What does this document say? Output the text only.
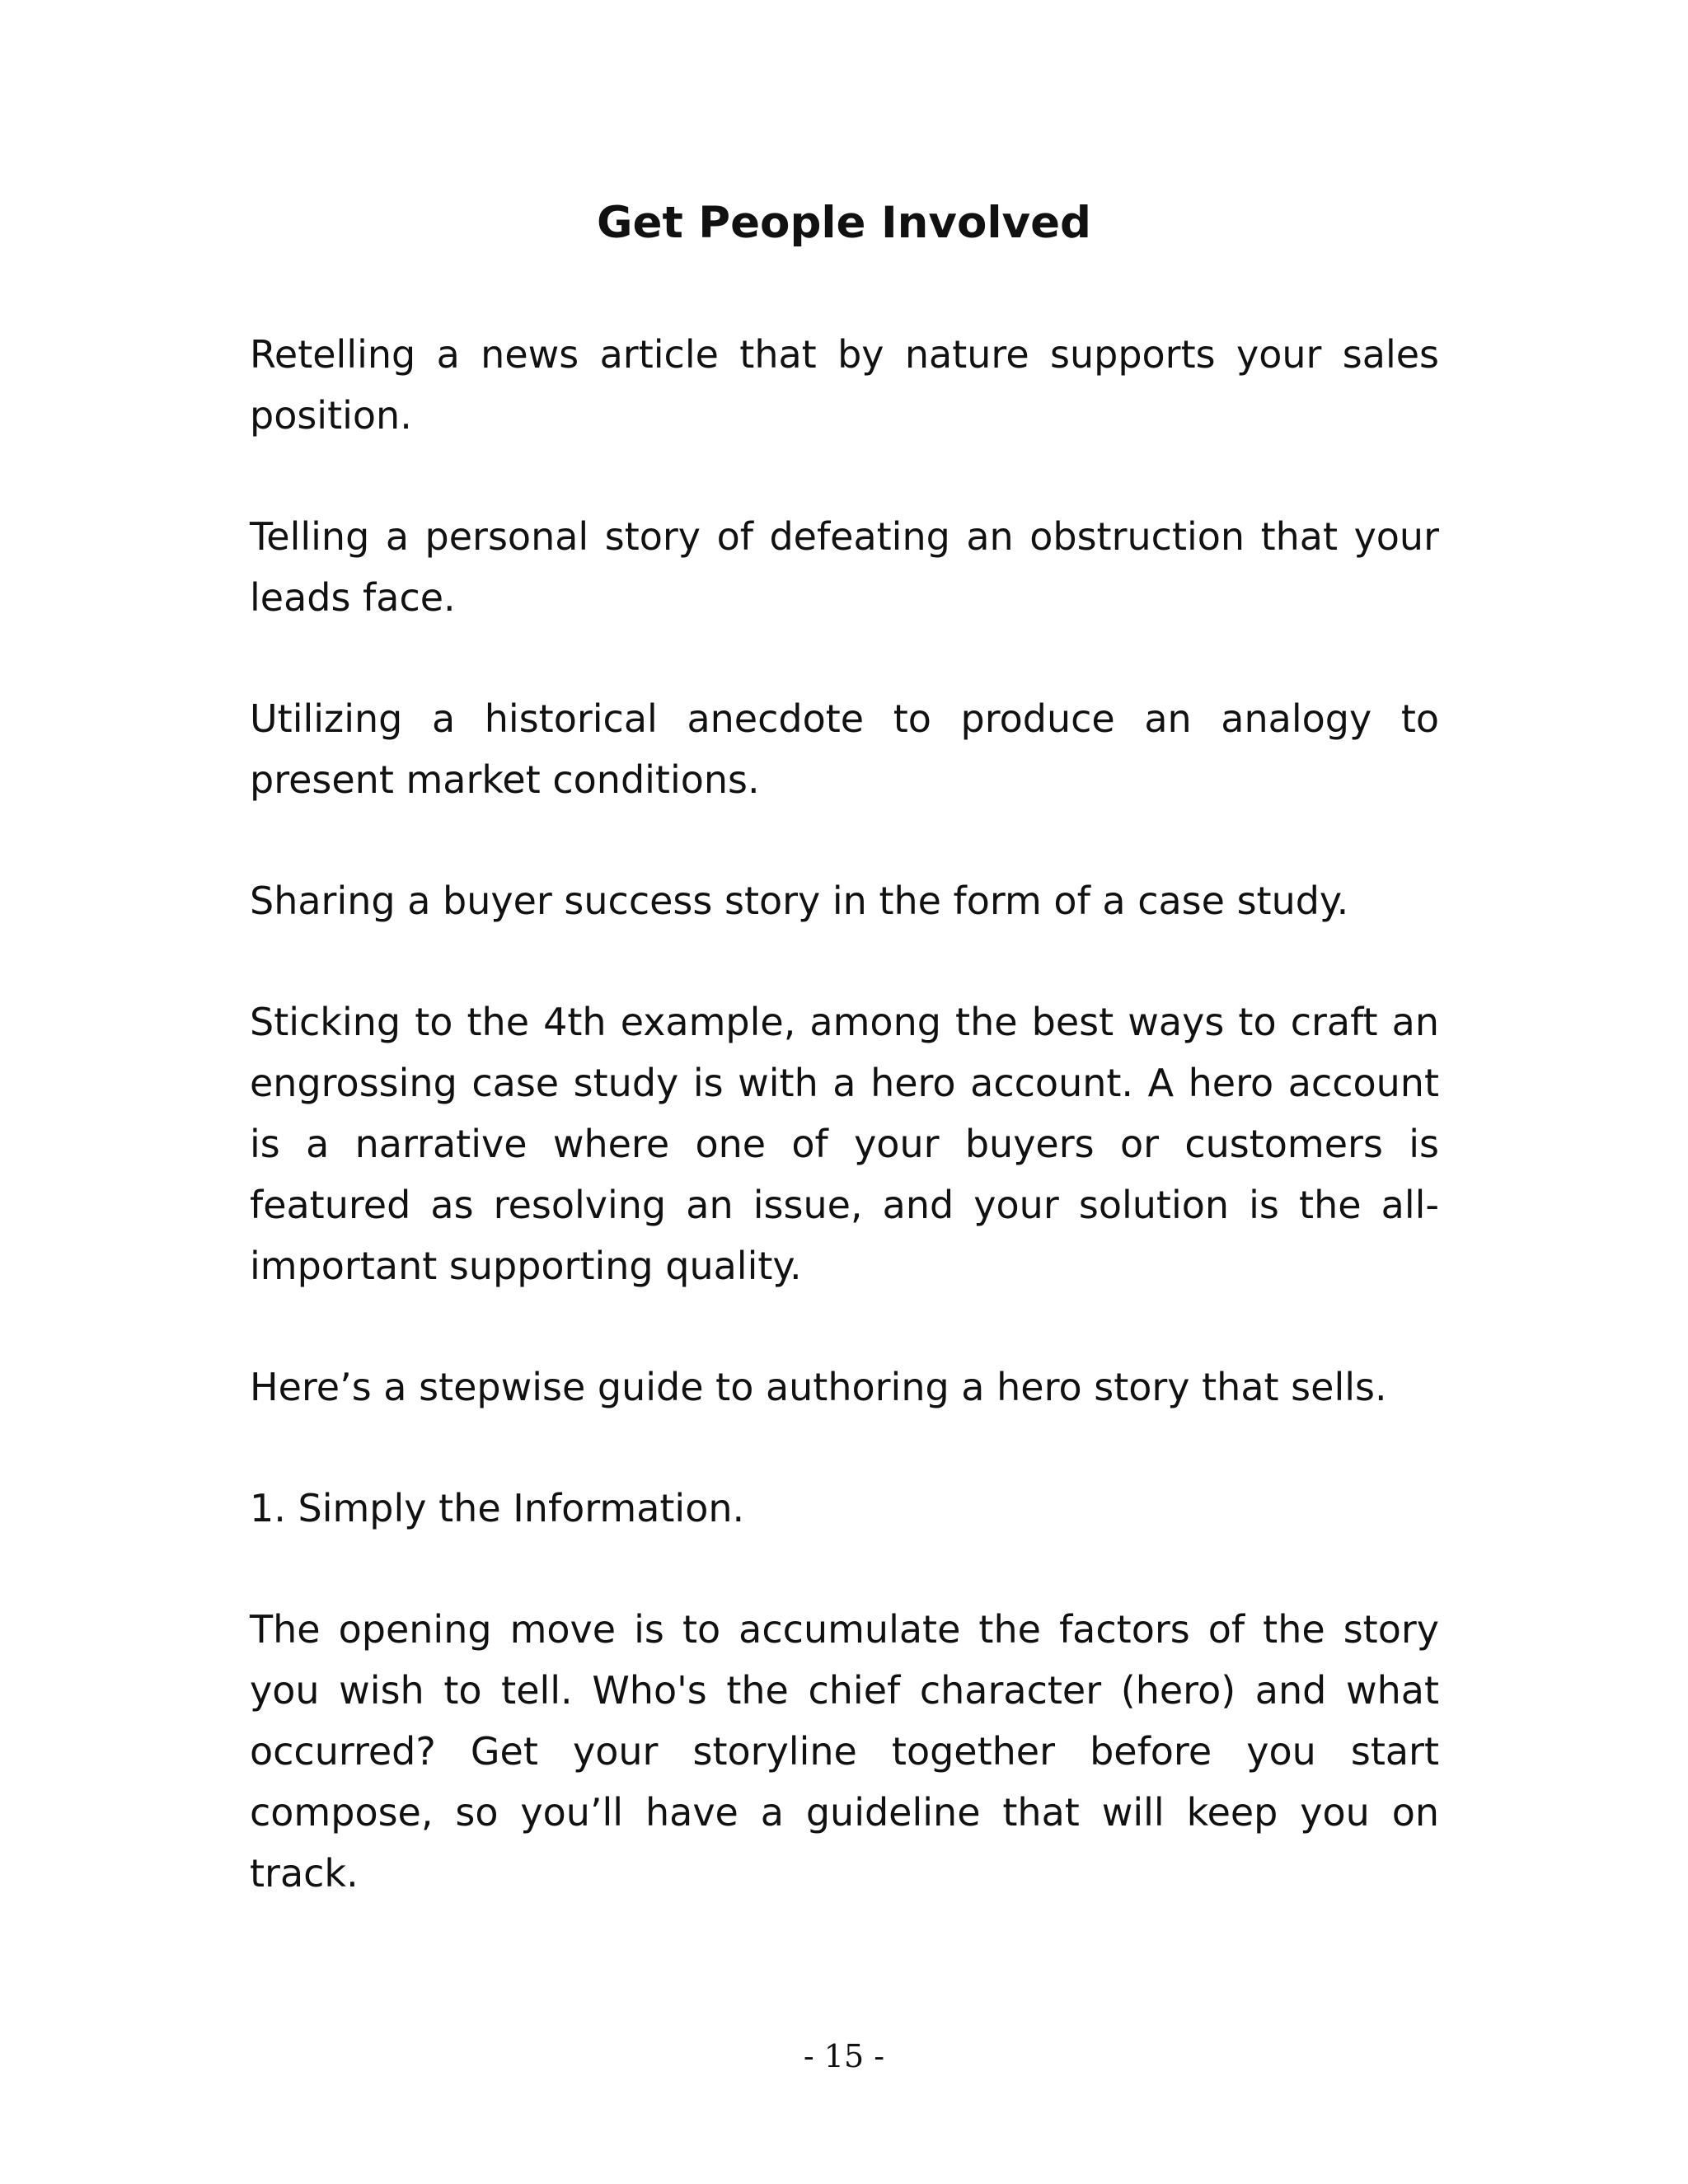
Get People Involved

Retelling a news article that by nature supports your sales position.

Telling a personal story of defeating an obstruction that your leads face.

Utilizing a historical anecdote to produce an analogy to present market conditions.

Sharing a buyer success story in the form of a case study.

Sticking to the 4th example, among the best ways to craft an engrossing case study is with a hero account. A hero account is a narrative where one of your buyers or customers is featured as resolving an issue, and your solution is the all-important supporting quality.

Here’s a stepwise guide to authoring a hero story that sells.

1. Simply the Information.

The opening move is to accumulate the factors of the story you wish to tell. Who's the chief character (hero) and what occurred? Get your storyline together before you start compose, so you’ll have a guideline that will keep you on track.

- 15 -
